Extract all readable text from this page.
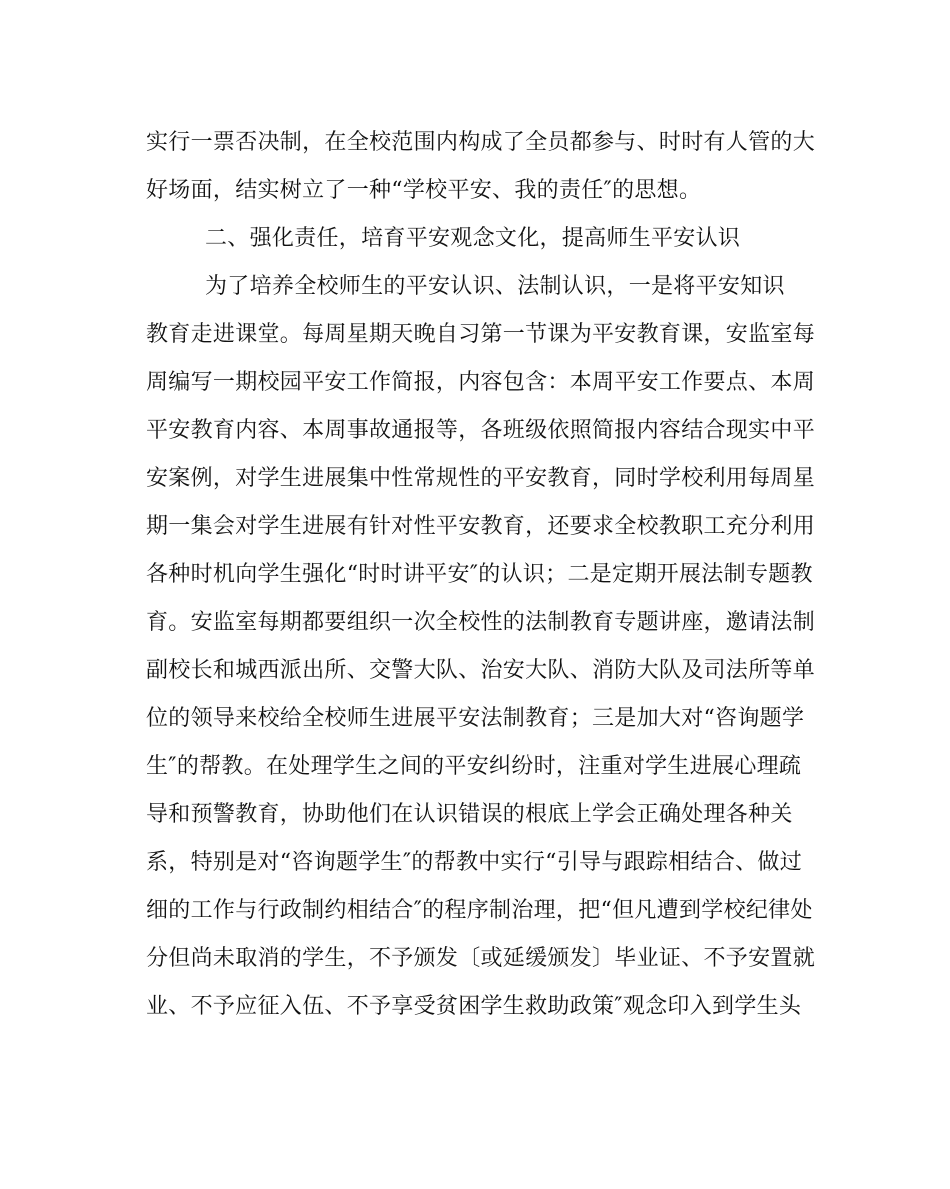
实行一票否决制，在全校范围内构成了全员都参与、时时有人管的大
好场面，结实树立了一种“学校平安、我的责任″的思想。
二、强化责任，培育平安观念文化，提高师生平安认识
为了培养全校师生的平安认识、法制认识，一是将平安知识
教育走进课堂。每周星期天晚自习第一节课为平安教育课，安监室每
周编写一期校园平安工作简报，内容包含：本周平安工作要点、本周
平安教育内容、本周事故通报等，各班级依照简报内容结合现实中平
安案例，对学生进展集中性常规性的平安教育，同时学校利用每周星
期一集会对学生进展有针对性平安教育，还要求全校教职工充分利用
各种时机向学生强化“时时讲平安″的认识；二是定期开展法制专题教
育。安监室每期都要组织一次全校性的法制教育专题讲座，邀请法制
副校长和城西派出所、交警大队、治安大队、消防大队及司法所等单
位的领导来校给全校师生进展平安法制教育；三是加大对“咨询题学
生″的帮教。在处理学生之间的平安纠纷时，注重对学生进展心理疏
导和预警教育，协助他们在认识错误的根底上学会正确处理各种关
系，特别是对“咨询题学生″的帮教中实行“引导与跟踪相结合、做过
细的工作与行政制约相结合″的程序制治理，把“但凡遭到学校纪律处
分但尚未取消的学生，不予颁发〔或延缓颁发〕毕业证、不予安置就
业、不予应征入伍、不予享受贫困学生救助政策″观念印入到学生头
